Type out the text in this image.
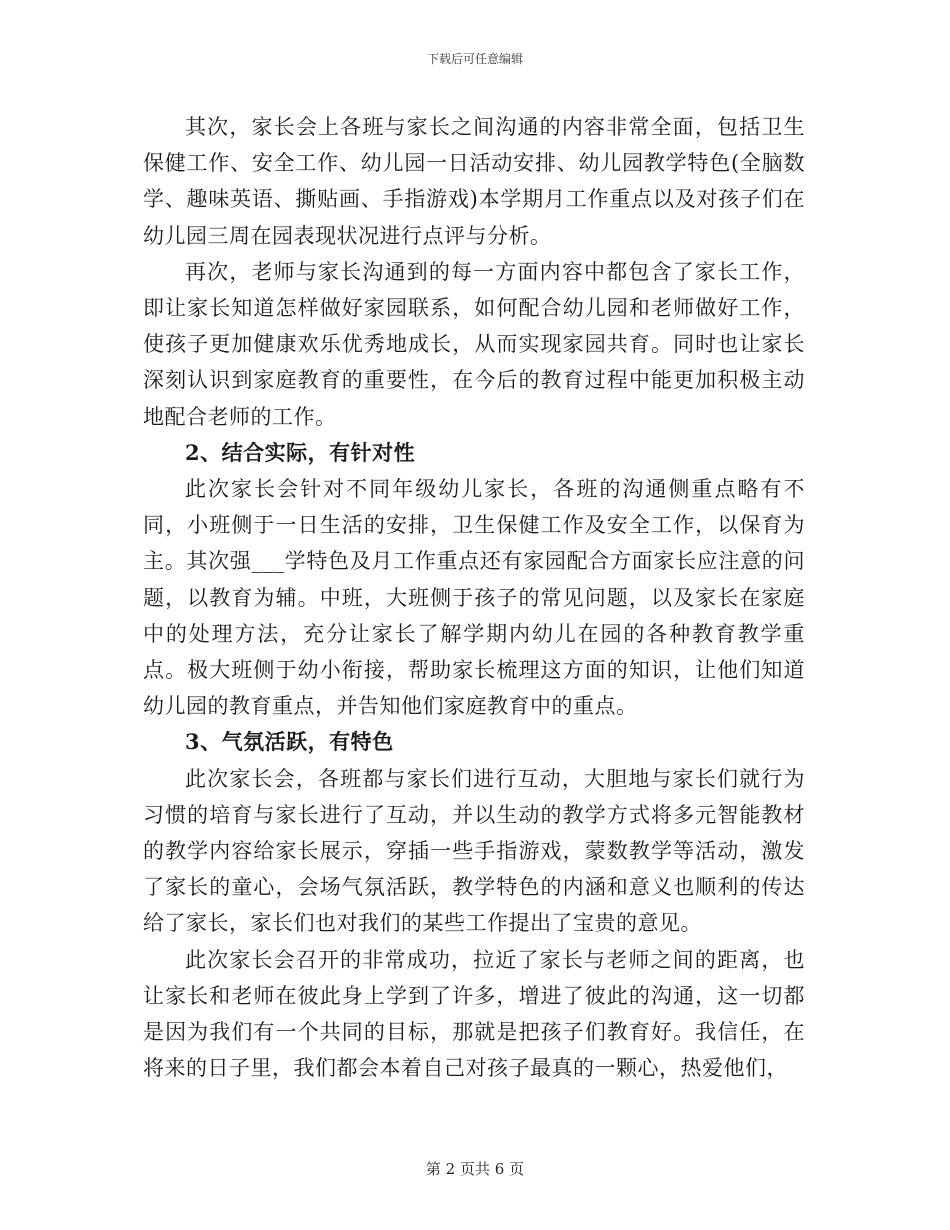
下载后可任意编辑

其次，家长会上各班与家长之间沟通的内容非常全面，包括卫生保健工作、安全工作、幼儿园一日活动安排、幼儿园教学特色(全脑数学、趣味英语、撕贴画、手指游戏)本学期月工作重点以及对孩子们在幼儿园三周在园表现状况进行点评与分析。

再次，老师与家长沟通到的每一方面内容中都包含了家长工作，即让家长知道怎样做好家园联系，如何配合幼儿园和老师做好工作，使孩子更加健康欢乐优秀地成长，从而实现家园共育。同时也让家长深刻认识到家庭教育的重要性，在今后的教育过程中能更加积极主动地配合老师的工作。

2、结合实际，有针对性

此次家长会针对不同年级幼儿家长，各班的沟通侧重点略有不同，小班侧于一日生活的安排，卫生保健工作及安全工作，以保育为主。其次强___学特色及月工作重点还有家园配合方面家长应注意的问题，以教育为辅。中班，大班侧于孩子的常见问题，以及家长在家庭中的处理方法，充分让家长了解学期内幼儿在园的各种教育教学重点。极大班侧于幼小衔接，帮助家长梳理这方面的知识，让他们知道幼儿园的教育重点，并告知他们家庭教育中的重点。

3、气氛活跃，有特色

此次家长会，各班都与家长们进行互动，大胆地与家长们就行为习惯的培育与家长进行了互动，并以生动的教学方式将多元智能教材的教学内容给家长展示，穿插一些手指游戏，蒙数教学等活动，激发了家长的童心，会场气氛活跃，教学特色的内涵和意义也顺利的传达给了家长，家长们也对我们的某些工作提出了宝贵的意见。

此次家长会召开的非常成功，拉近了家长与老师之间的距离，也让家长和老师在彼此身上学到了许多，增进了彼此的沟通，这一切都是因为我们有一个共同的目标，那就是把孩子们教育好。我信任，在将来的日子里，我们都会本着自己对孩子最真的一颗心，热爱他们，

第 2 页共 6 页
